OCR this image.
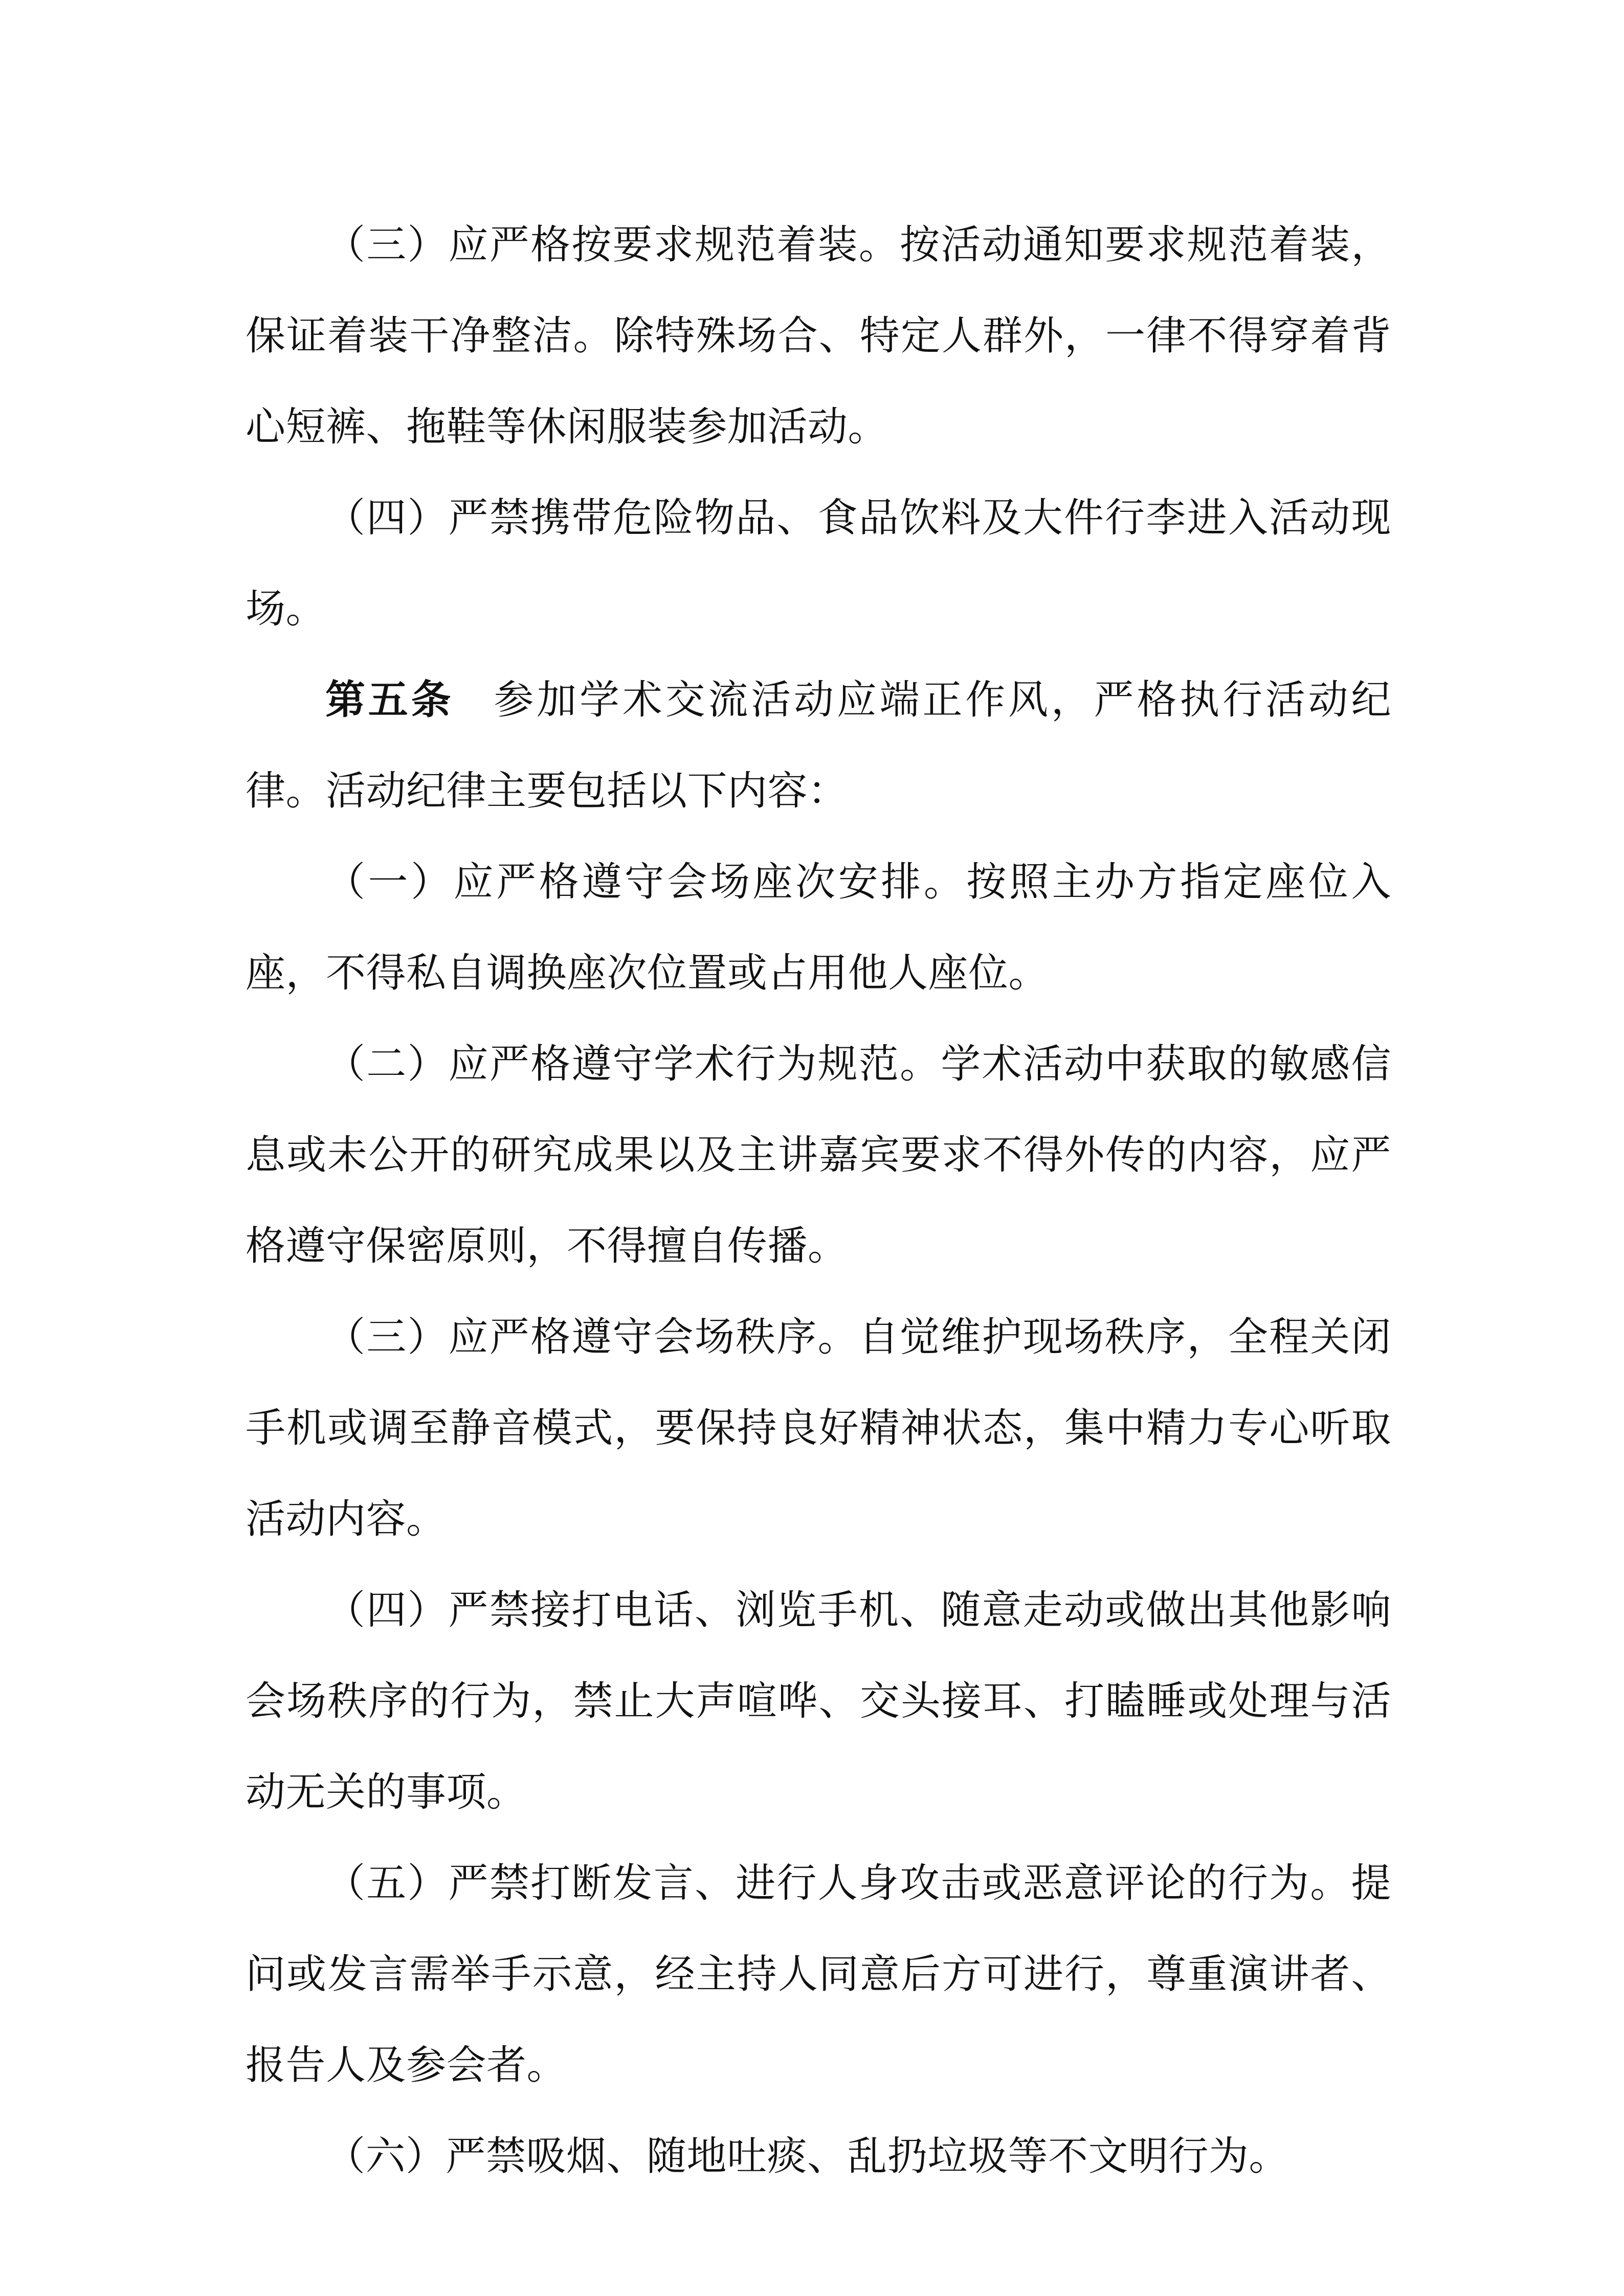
（三）应严格按要求规范着装。按活动通知要求规范着装，保证着装干净整洁。除特殊场合、特定人群外，一律不得穿着背心短裤、拖鞋等休闲服装参加活动。

（四）严禁携带危险物品、食品饮料及大件行李进入活动现场。

第五条 参加学术交流活动应端正作风，严格执行活动纪律。活动纪律主要包括以下内容：

（一）应严格遵守会场座次安排。按照主办方指定座位入座，不得私自调换座次位置或占用他人座位。

（二）应严格遵守学术行为规范。学术活动中获取的敏感信息或未公开的研究成果以及主讲嘉宾要求不得外传的内容，应严格遵守保密原则，不得擅自传播。

（三）应严格遵守会场秩序。自觉维护现场秩序，全程关闭手机或调至静音模式，要保持良好精神状态，集中精力专心听取活动内容。

（四）严禁接打电话、浏览手机、随意走动或做出其他影响会场秩序的行为，禁止大声喧哗、交头接耳、打瞌睡或处理与活动无关的事项。

（五）严禁打断发言、进行人身攻击或恶意评论的行为。提问或发言需举手示意，经主持人同意后方可进行，尊重演讲者、报告人及参会者。

（六）严禁吸烟、随地吐痰、乱扔垃圾等不文明行为。
